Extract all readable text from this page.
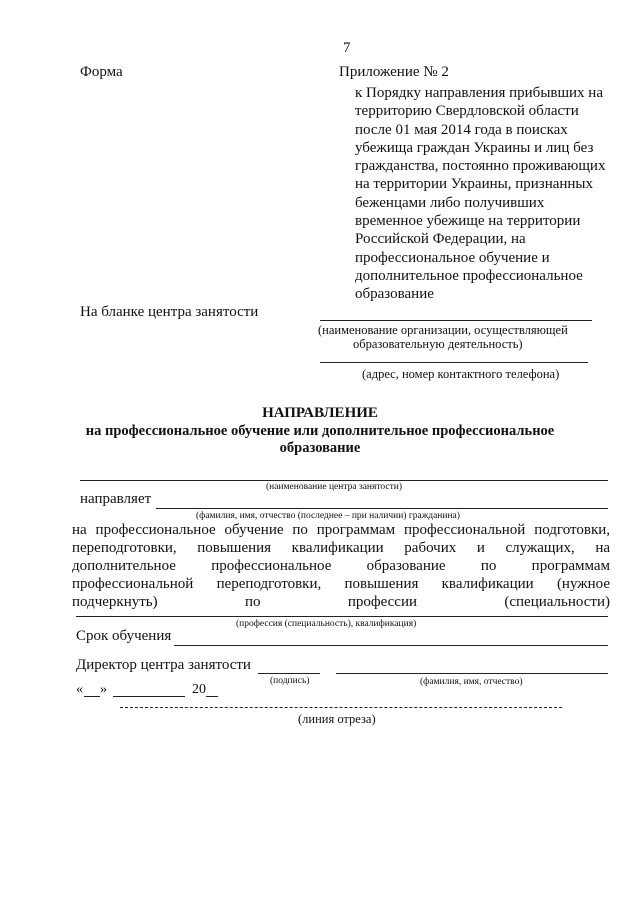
7
Форма	Приложение № 2
к Порядку направления прибывших на
территорию Свердловской области
после 01 мая 2014 года в поисках
убежища граждан Украины и лиц без
гражданства, постоянно проживающих
на территории Украины, признанных
беженцами либо получивших
временное убежище на территории
Российской Федерации, на
профессиональное обучение и
дополнительное профессиональное
образование
На бланке центра занятости
(наименование организации, осуществляющей
образовательную деятельность)
(адрес, номер контактного телефона)
НАПРАВЛЕНИЕ
на профессиональное обучение или дополнительное профессиональное
образование
(наименование центра занятости)
направляет
(фамилия, имя, отчество (последнее – при наличии) гражданина)
на профессиональное обучение по программам профессиональной подготовки,
переподготовки, повышения квалификации рабочих и служащих, на
дополнительное профессиональное образование по программам
профессиональной переподготовки, повышения квалификации (нужное
подчеркнуть)	по	профессии	(специальности)
(профессия (специальность), квалификация)
Срок обучения
Директор центра занятости
(подпись)	(фамилия, имя, отчество)
« »	20
(линия отреза)
